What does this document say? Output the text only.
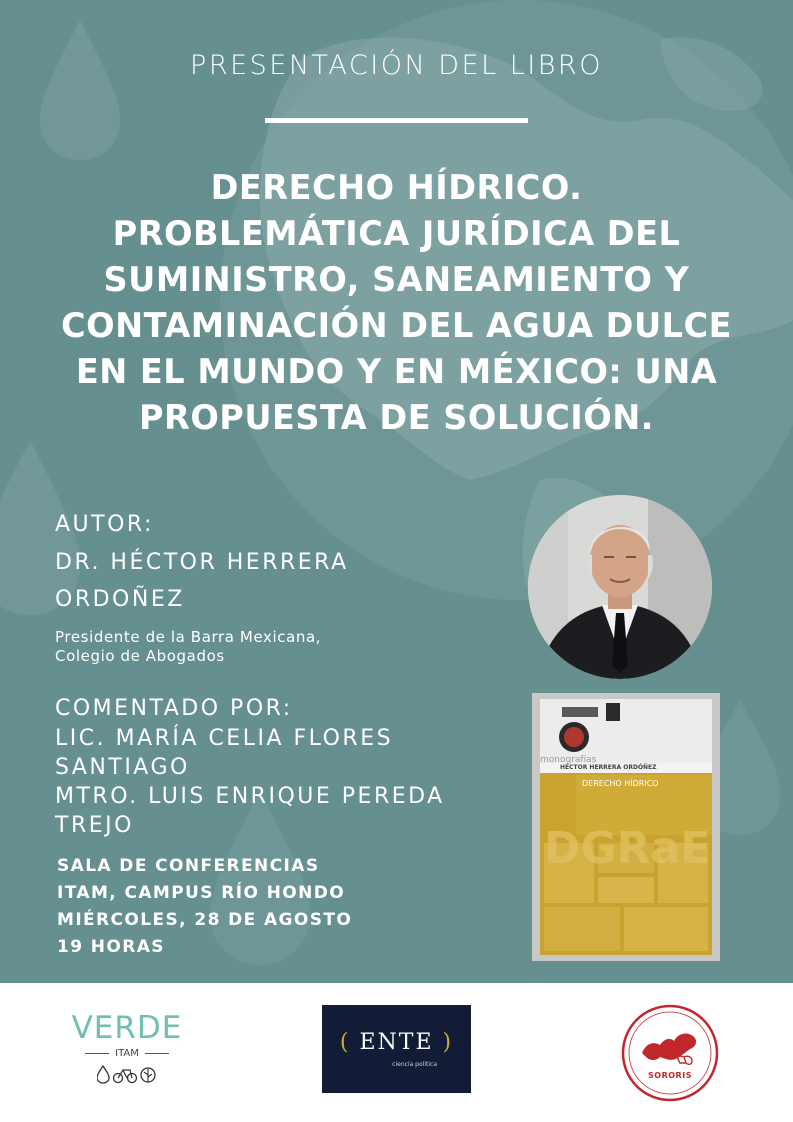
PRESENTACIÓN DEL LIBRO
DERECHO HÍDRICO.
PROBLEMÁTICA JURÍDICA DEL
SUMINISTRO, SANEAMIENTO Y
CONTAMINACIÓN DEL AGUA DULCE
EN EL MUNDO Y EN MÉXICO: UNA
PROPUESTA DE SOLUCIÓN.
AUTOR:
DR. HÉCTOR HERRERA
ORDOÑEZ
Presidente de la Barra Mexicana,
Colegio de Abogados
COMENTADO POR:
LIC. MARÍA CELIA FLORES
SANTIAGO
MTRO. LUIS ENRIQUE PEREDA
TREJO
SALA DE CONFERENCIAS
ITAM, CAMPUS RÍO HONDO
MIÉRCOLES, 28 DE AGOSTO
19 HORAS
DGRaE
monografías
HÉCTOR HERRERA ORDÓÑEZ
DERECHO HÍDRICO
VERDE
ITAM	( ENTE )
ciencia política
SORORIS
